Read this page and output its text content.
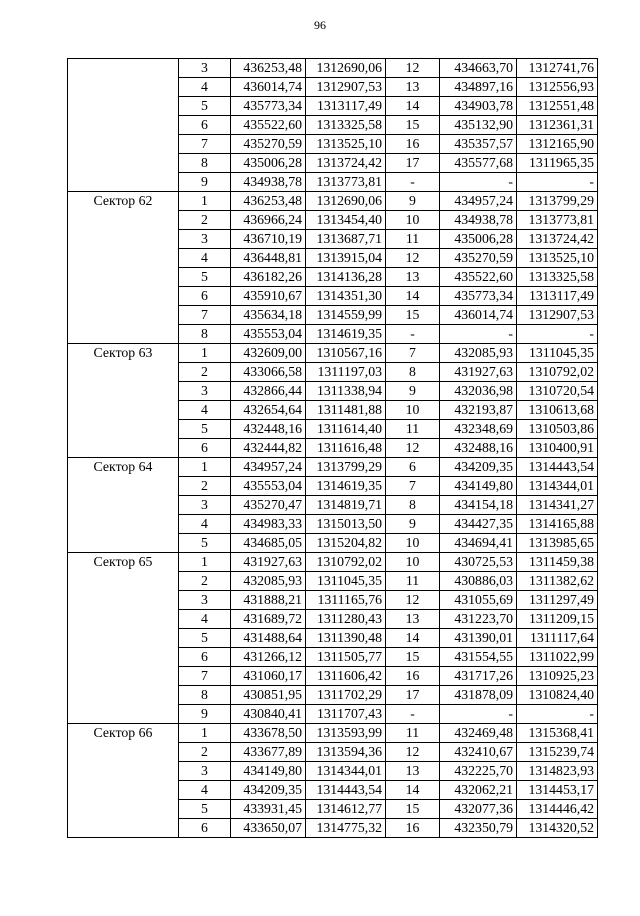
96
	3	436253,48	1312690,06	12	434663,70	1312741,76
	4	436014,74	1312907,53	13	434897,16	1312556,93
	5	435773,34	1313117,49	14	434903,78	1312551,48
	6	435522,60	1313325,58	15	435132,90	1312361,31
	7	435270,59	1313525,10	16	435357,57	1312165,90
	8	435006,28	1313724,42	17	435577,68	1311965,35
	9	434938,78	1313773,81	-	-	-
Сектор 62	1	436253,48	1312690,06	9	434957,24	1313799,29
	2	436966,24	1313454,40	10	434938,78	1313773,81
	3	436710,19	1313687,71	11	435006,28	1313724,42
	4	436448,81	1313915,04	12	435270,59	1313525,10
	5	436182,26	1314136,28	13	435522,60	1313325,58
	6	435910,67	1314351,30	14	435773,34	1313117,49
	7	435634,18	1314559,99	15	436014,74	1312907,53
	8	435553,04	1314619,35	-	-	-
Сектор 63	1	432609,00	1310567,16	7	432085,93	1311045,35
	2	433066,58	1311197,03	8	431927,63	1310792,02
	3	432866,44	1311338,94	9	432036,98	1310720,54
	4	432654,64	1311481,88	10	432193,87	1310613,68
	5	432448,16	1311614,40	11	432348,69	1310503,86
	6	432444,82	1311616,48	12	432488,16	1310400,91
Сектор 64	1	434957,24	1313799,29	6	434209,35	1314443,54
	2	435553,04	1314619,35	7	434149,80	1314344,01
	3	435270,47	1314819,71	8	434154,18	1314341,27
	4	434983,33	1315013,50	9	434427,35	1314165,88
	5	434685,05	1315204,82	10	434694,41	1313985,65
Сектор 65	1	431927,63	1310792,02	10	430725,53	1311459,38
	2	432085,93	1311045,35	11	430886,03	1311382,62
	3	431888,21	1311165,76	12	431055,69	1311297,49
	4	431689,72	1311280,43	13	431223,70	1311209,15
	5	431488,64	1311390,48	14	431390,01	1311117,64
	6	431266,12	1311505,77	15	431554,55	1311022,99
	7	431060,17	1311606,42	16	431717,26	1310925,23
	8	430851,95	1311702,29	17	431878,09	1310824,40
	9	430840,41	1311707,43	-	-	-
Сектор 66	1	433678,50	1313593,99	11	432469,48	1315368,41
	2	433677,89	1313594,36	12	432410,67	1315239,74
	3	434149,80	1314344,01	13	432225,70	1314823,93
	4	434209,35	1314443,54	14	432062,21	1314453,17
	5	433931,45	1314612,77	15	432077,36	1314446,42
	6	433650,07	1314775,32	16	432350,79	1314320,52
